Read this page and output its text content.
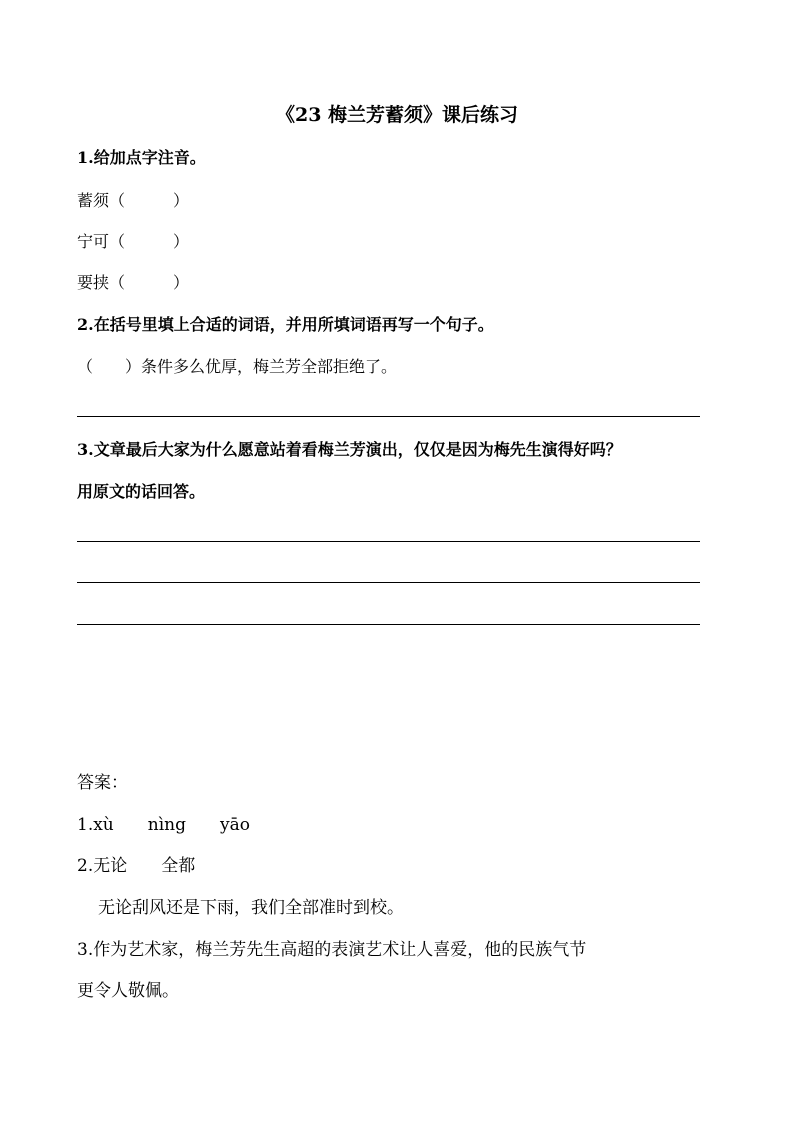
《23 梅兰芳蓄须》课后练习
1.给加点字注音。
蓄须（　　　）
宁可（　　　）
要挟（　　　）
2.在括号里填上合适的词语，并用所填词语再写一个句子。
（　　）条件多么优厚，梅兰芳全部拒绝了。
3.文章最后大家为什么愿意站着看梅兰芳演出，仅仅是因为梅先生演得好吗？
用原文的话回答。
答案：
1.xù　　nìng　　yāo
2.无论　　全都
无论刮风还是下雨，我们全部准时到校。
3.作为艺术家，梅兰芳先生高超的表演艺术让人喜爱，他的民族气节
更令人敬佩。
